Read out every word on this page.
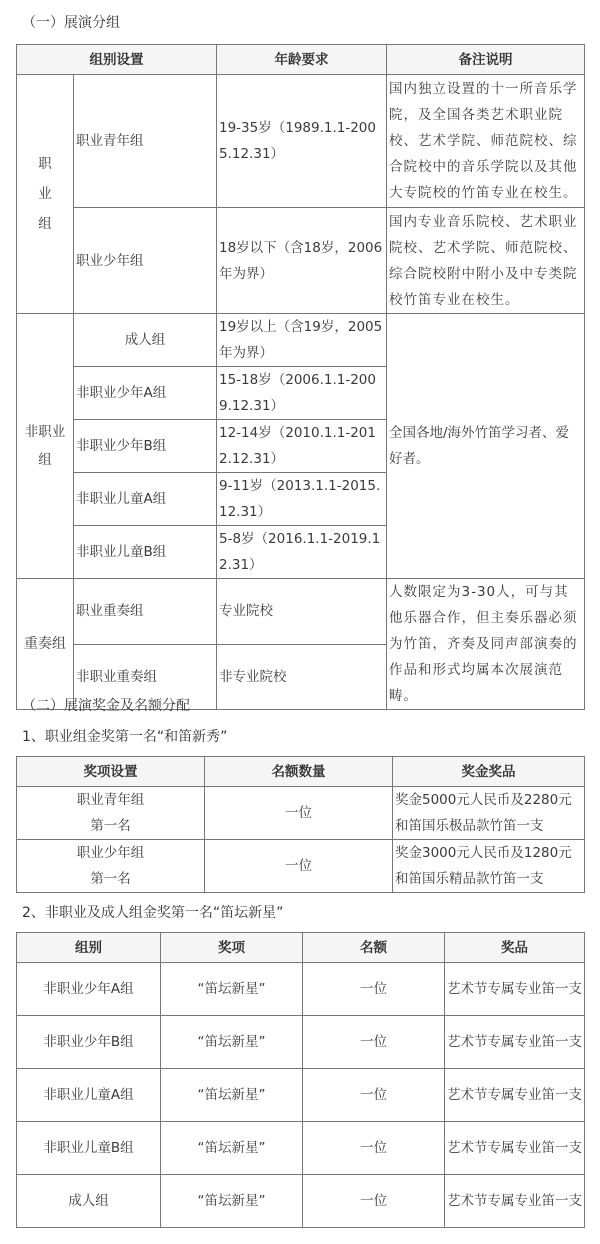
（一）展演分组
组别设置		年龄要求	备注说明
职
业
组	职业青年组	19-35岁（1989.1.1-2005.12.31）	国内独立设置的十一所音乐学院，及全国各类艺术职业院校、艺术学院、师范院校、综合院校中的音乐学院以及其他大专院校的竹笛专业在校生。
	职业少年组	18岁以下（含18岁，2006年为界）	国内专业音乐院校、艺术职业院校、艺术学院、师范院校、综合院校附中附小及中专类院校竹笛专业在校生。
非职业
组	成人组	19岁以上（含19岁，2005年为界）	全国各地/海外竹笛学习者、爱好者。
	非职业少年A组	15-18岁（2006.1.1-2009.12.31）	
	非职业少年B组	12-14岁（2010.1.1-2012.12.31）	
	非职业儿童A组	9-11岁（2013.1.1-2015.12.31）	
	非职业儿童B组	5-8岁（2016.1.1-2019.12.31）	
重奏组	职业重奏组	专业院校	人数限定为3-30人，可与其他乐器合作，但主奏乐器必须为竹笛，齐奏及同声部演奏的作品和形式均属本次展演范畴。
	非职业重奏组	非专业院校	
（二）展演奖金及名额分配
1、职业组金奖第一名“和笛新秀”
奖项设置	名额数量	奖金奖品
职业青年组
第一名	一位	奖金5000元人民币及2280元和笛国乐极品款竹笛一支
职业少年组
第一名	一位	奖金3000元人民币及1280元和笛国乐精品款竹笛一支
2、非职业及成人组金奖第一名“笛坛新星”
组别	奖项	名额	奖品
非职业少年A组	“笛坛新星”	一位	艺术节专属专业笛一支
非职业少年B组	“笛坛新星”	一位	艺术节专属专业笛一支
非职业儿童A组	“笛坛新星”	一位	艺术节专属专业笛一支
非职业儿童B组	“笛坛新星”	一位	艺术节专属专业笛一支
成人组	“笛坛新星”	一位	艺术节专属专业笛一支
